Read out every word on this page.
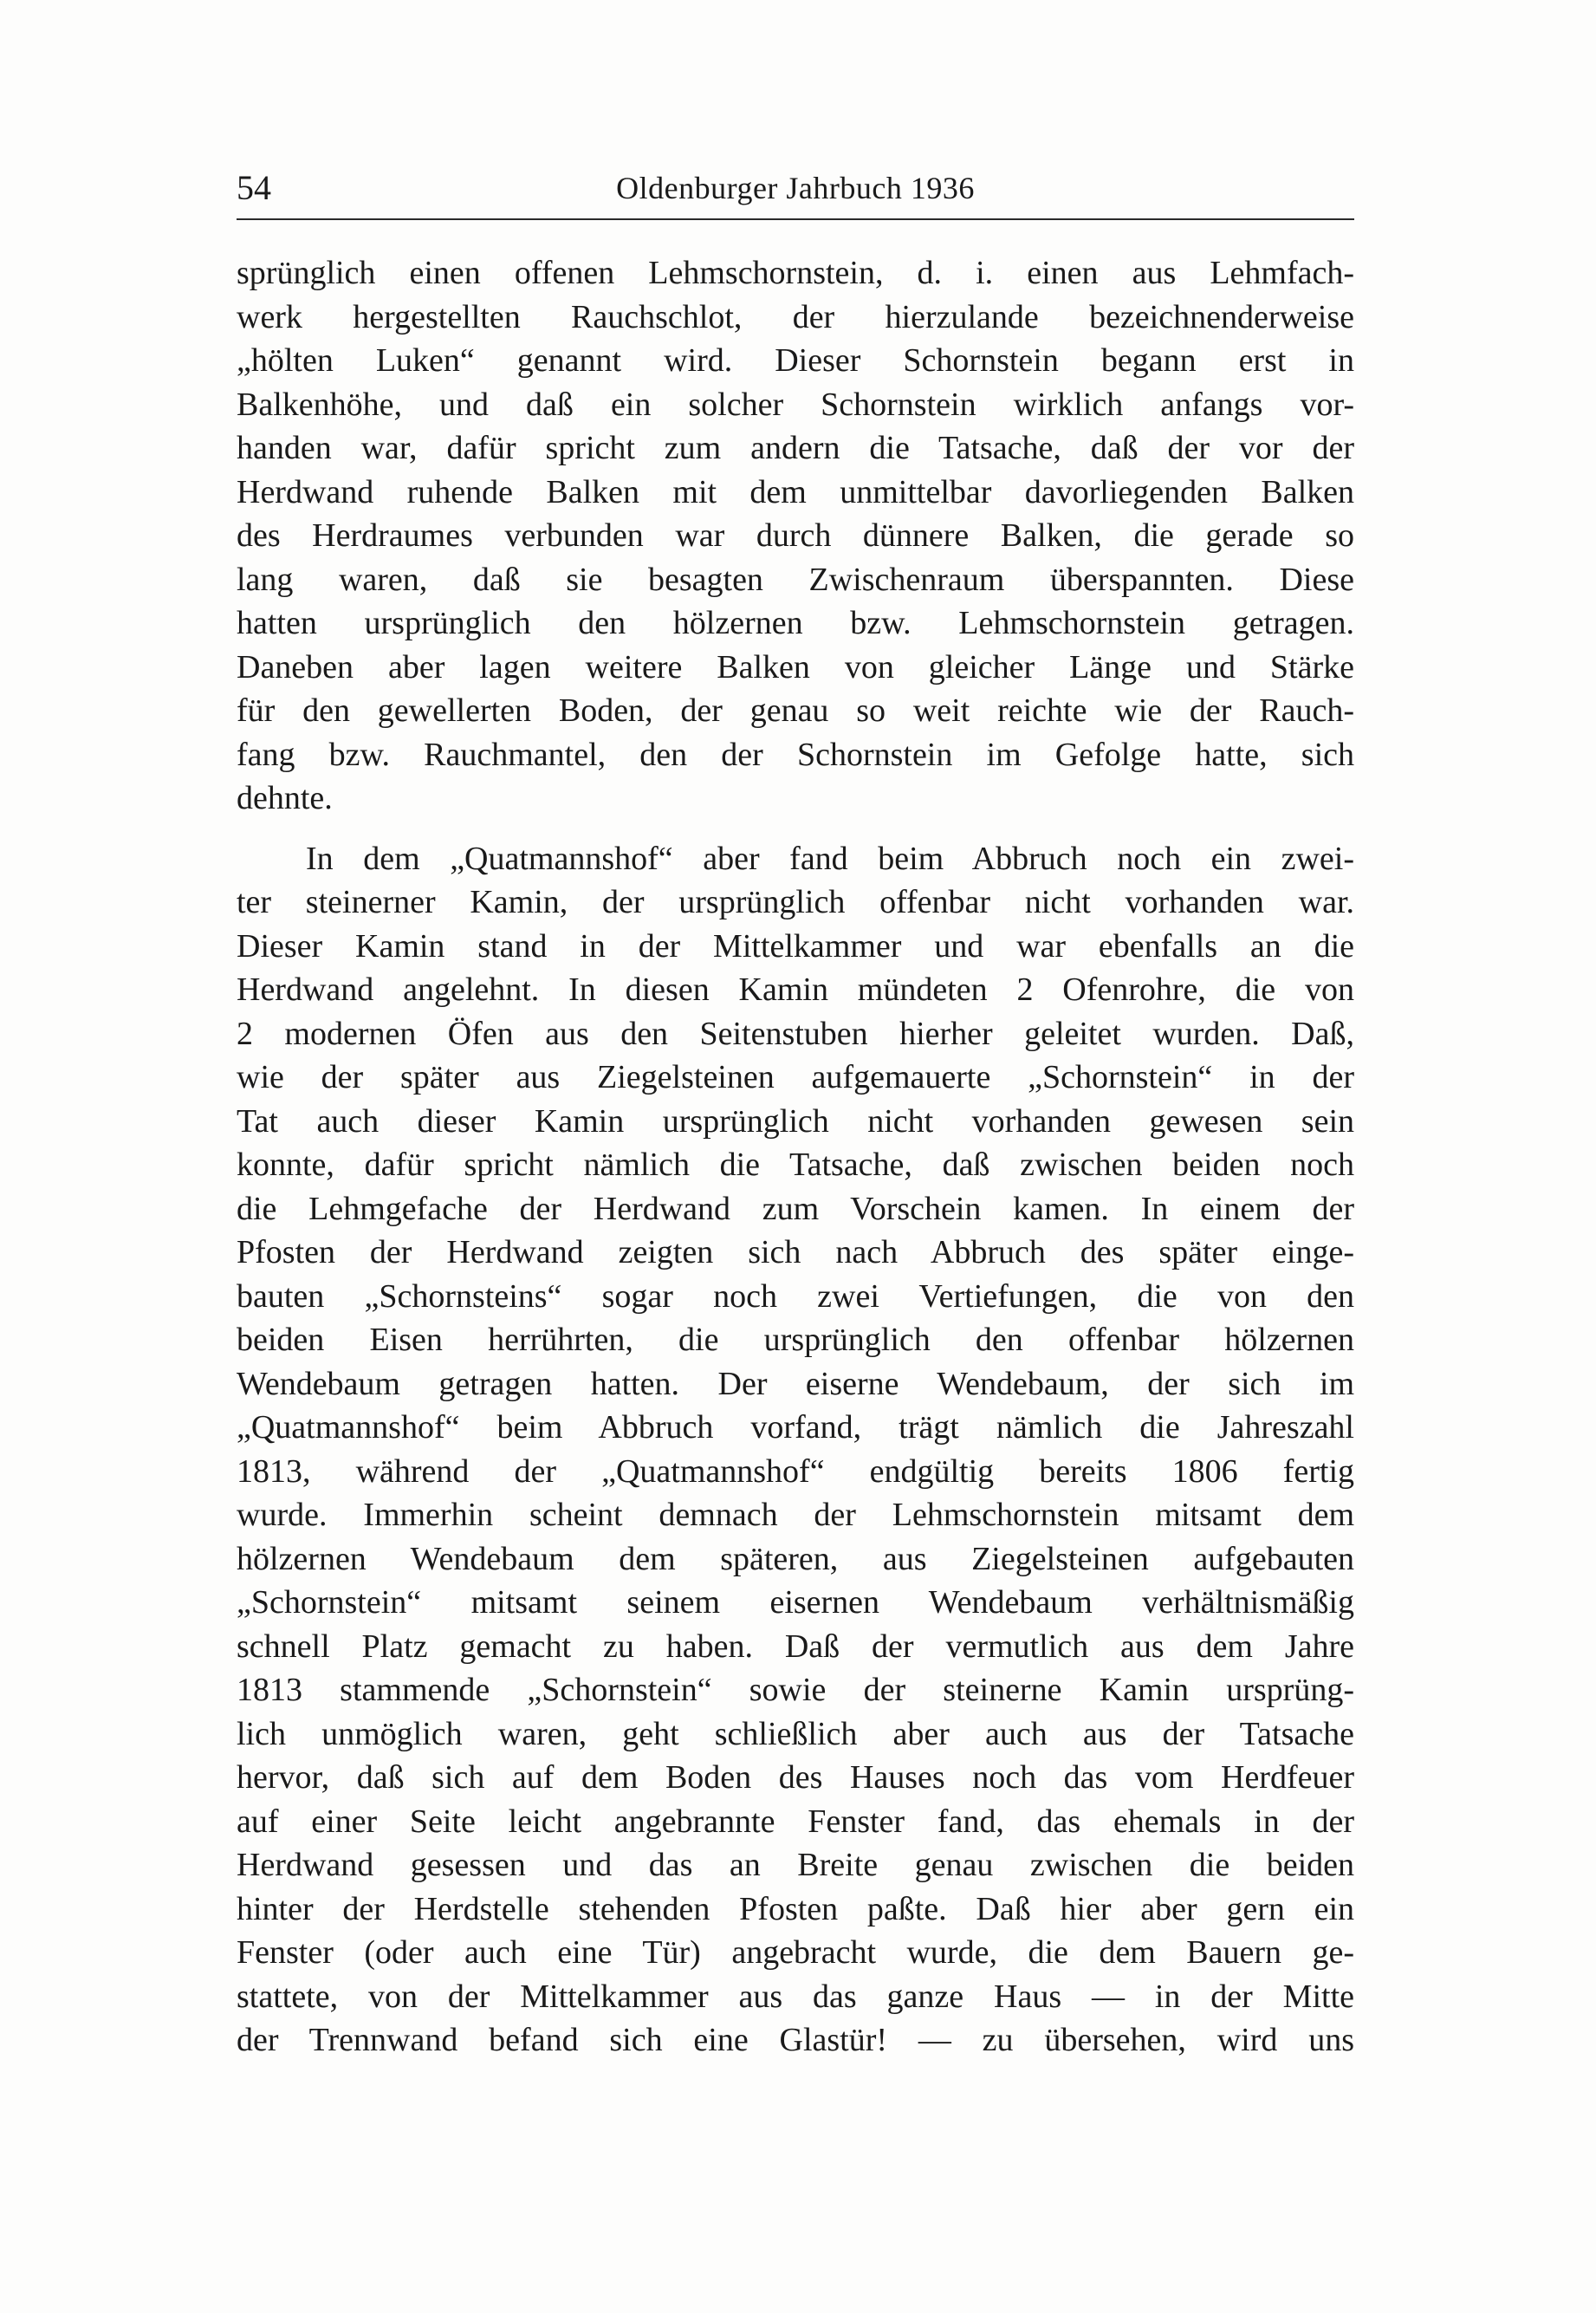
54	Oldenburger Jahrbuch 1936
sprünglich einen offenen Lehmschornstein, d. i. einen aus Lehmfach-
werk hergestellten Rauchschlot, der hierzulande bezeichnenderweise
„hölten Luken“ genannt wird. Dieser Schornstein begann erst in
Balkenhöhe, und daß ein solcher Schornstein wirklich anfangs vor-
handen war, dafür spricht zum andern die Tatsache, daß der vor der
Herdwand ruhende Balken mit dem unmittelbar davorliegenden Balken
des Herdraumes verbunden war durch dünnere Balken, die gerade so
lang waren, daß sie besagten Zwischenraum überspannten. Diese
hatten ursprünglich den hölzernen bzw. Lehmschornstein getragen.
Daneben aber lagen weitere Balken von gleicher Länge und Stärke
für den gewellerten Boden, der genau so weit reichte wie der Rauch-
fang bzw. Rauchmantel, den der Schornstein im Gefolge hatte, sich
dehnte.
In dem „Quatmannshof“ aber fand beim Abbruch noch ein zwei-
ter steinerner Kamin, der ursprünglich offenbar nicht vorhanden war.
Dieser Kamin stand in der Mittelkammer und war ebenfalls an die
Herdwand angelehnt. In diesen Kamin mündeten 2 Ofenrohre, die von
2 modernen Öfen aus den Seitenstuben hierher geleitet wurden. Daß,
wie der später aus Ziegelsteinen aufgemauerte „Schornstein“ in der
Tat auch dieser Kamin ursprünglich nicht vorhanden gewesen sein
konnte, dafür spricht nämlich die Tatsache, daß zwischen beiden noch
die Lehmgefache der Herdwand zum Vorschein kamen. In einem der
Pfosten der Herdwand zeigten sich nach Abbruch des später einge-
bauten „Schornsteins“ sogar noch zwei Vertiefungen, die von den
beiden Eisen herrührten, die ursprünglich den offenbar hölzernen
Wendebaum getragen hatten. Der eiserne Wendebaum, der sich im
„Quatmannshof“ beim Abbruch vorfand, trägt nämlich die Jahreszahl
1813, während der „Quatmannshof“ endgültig bereits 1806 fertig
wurde. Immerhin scheint demnach der Lehmschornstein mitsamt dem
hölzernen Wendebaum dem späteren, aus Ziegelsteinen aufgebauten
„Schornstein“ mitsamt seinem eisernen Wendebaum verhältnismäßig
schnell Platz gemacht zu haben. Daß der vermutlich aus dem Jahre
1813 stammende „Schornstein“ sowie der steinerne Kamin ursprüng-
lich unmöglich waren, geht schließlich aber auch aus der Tatsache
hervor, daß sich auf dem Boden des Hauses noch das vom Herdfeuer
auf einer Seite leicht angebrannte Fenster fand, das ehemals in der
Herdwand gesessen und das an Breite genau zwischen die beiden
hinter der Herdstelle stehenden Pfosten paßte. Daß hier aber gern ein
Fenster (oder auch eine Tür) angebracht wurde, die dem Bauern ge-
stattete, von der Mittelkammer aus das ganze Haus — in der Mitte
der Trennwand befand sich eine Glastür! — zu übersehen, wird uns
